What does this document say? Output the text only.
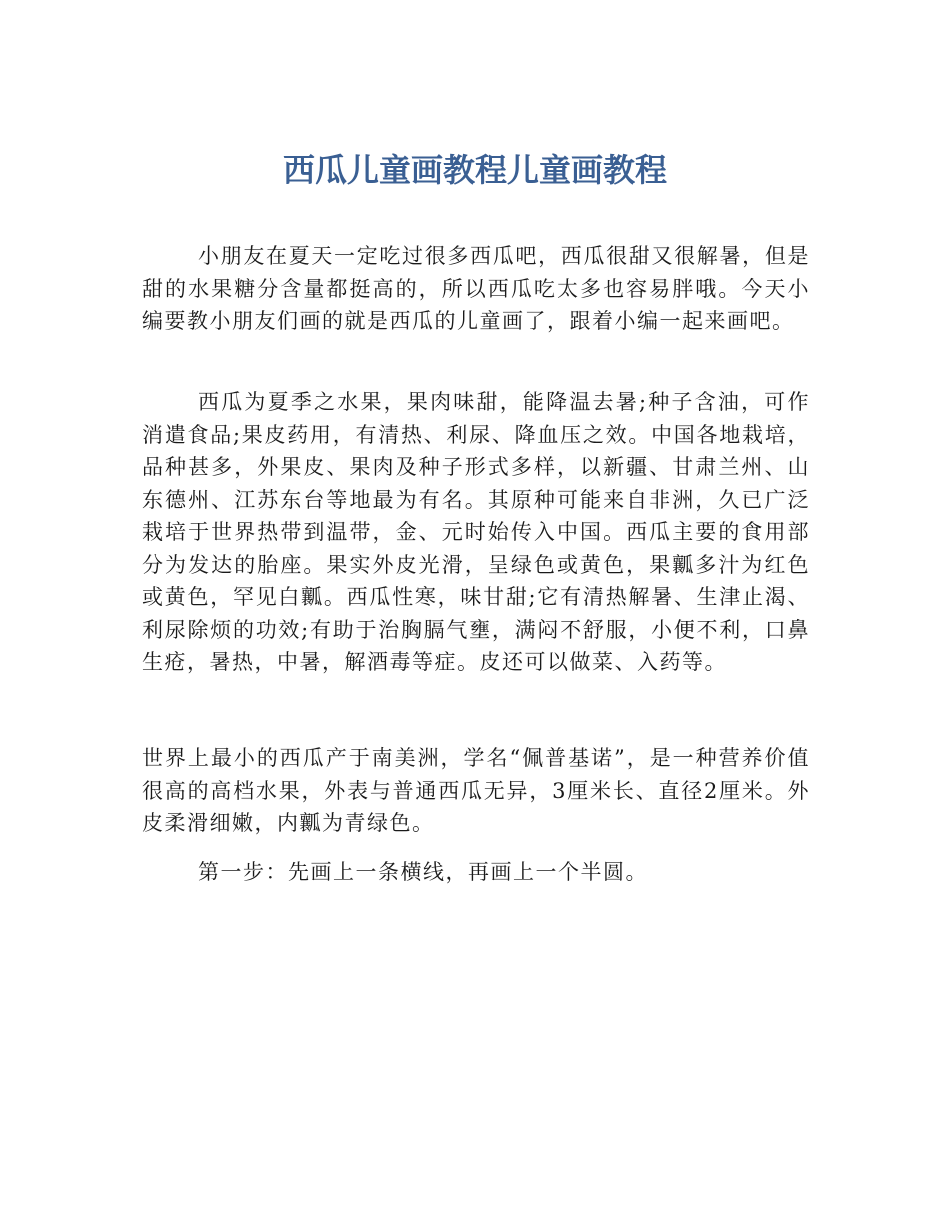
西瓜儿童画教程儿童画教程

小朋友在夏天一定吃过很多西瓜吧，西瓜很甜又很解暑，但是甜的水果糖分含量都挺高的，所以西瓜吃太多也容易胖哦。今天小编要教小朋友们画的就是西瓜的儿童画了，跟着小编一起来画吧。

西瓜为夏季之水果，果肉味甜，能降温去暑;种子含油，可作消遣食品;果皮药用，有清热、利尿、降血压之效。中国各地栽培，品种甚多，外果皮、果肉及种子形式多样，以新疆、甘肃兰州、山东德州、江苏东台等地最为有名。其原种可能来自非洲，久已广泛栽培于世界热带到温带，金、元时始传入中国。西瓜主要的食用部分为发达的胎座。果实外皮光滑，呈绿色或黄色，果瓤多汁为红色或黄色，罕见白瓤。西瓜性寒，味甘甜;它有清热解暑、生津止渴、利尿除烦的功效;有助于治胸膈气壅，满闷不舒服，小便不利，口鼻生疮，暑热，中暑，解酒毒等症。皮还可以做菜、入药等。

世界上最小的西瓜产于南美洲，学名“佩普基诺”，是一种营养价值很高的高档水果，外表与普通西瓜无异，3厘米长、直径2厘米。外皮柔滑细嫩，内瓤为青绿色。

第一步：先画上一条横线，再画上一个半圆。
